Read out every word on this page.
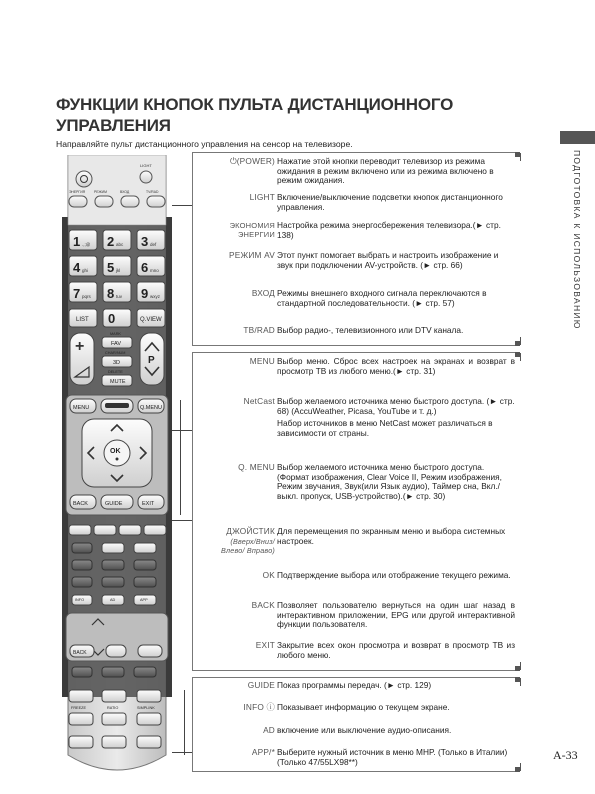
ФУНКЦИИ КНОПОК ПУЛЬТА ДИСТАНЦИОННОГО УПРАВЛЕНИЯ
Направляйте пульт дистанционного управления на сенсор на телевизоре.
LIGHT
ЭНЕРГИЯ	РЕЖИМ	ВХОД	TV/RAD
1 2 3
4 5 6
7 8 9
.,;@	abc	def
ghi	jkl	mno
pqrs	tuv	wxyz
LIST	Q.VIEW
0
+
P
MARK
CHAR/NUM
DELETE
FAV
3D
MUTE
MENU	Q.MENU
OK
BACK	GUIDE	EXIT
INFO	AD	APP
BACK
FREEZE	RATIO	SIMPLINK
⏻(POWER) Нажатие этой кнопки переводит телевизор из режима ожидания в режим включено или из режима включено в режим ожидания.
LIGHT Включение/выключение подсветки кнопок дистанционного управления.
ЭКОНОМИЯ ЭНЕРГИИ
Настройка режима энергосбережения телевизора.(► стр. 138)
РЕЖИМ AV Этот пункт помогает выбрать и настроить изображение и звук при подключении AV-устройств. (► стр. 66)
ВХОД Режимы внешнего входного сигнала переключаются в стандартной последовательности. (► стр. 57)
TB/RAD Выбор радио-, телевизионного или DTV канала.
MENU Выбор меню. Сброс всех настроек на экранах и возврат в просмотр ТВ из любого меню.(► стр. 31)
NetCast Выбор желаемого источника меню быстрого доступа. (► стр. 68) (AccuWeather, Picasa, YouTube и т. д.)
Набор источников в меню NetCast может различаться в зависимости от страны.
Q. MENU Выбор желаемого источника меню быстрого доступа. (Формат изображения, Clear Voice II, Режим изображения, Режим звучания, Звук(или Язык аудио), Таймер сна, Вкл./выкл. пропуск, USB-устройство).(► стр. 30)
ДЖОЙСТИК
(Вверх/Вниз/ Влево/ Вправо)
Для перемещения по экранным меню и выбора системных настроек.
OK Подтверждение выбора или отображение текущего режима.
BACK Позволяет пользователю вернуться на один шаг назад в интерактивном приложении, EPG или другой интерактивной функции пользователя.
EXIT Закрытие всех окон просмотра и возврат в просмотр ТВ из любого меню.
GUIDE Показ программы передач. (► стр. 129)
INFO ⓘ Показывает информацию о текущем экране.
AD включение или выключение аудио-описания.
APP/* Выберите нужный источник в меню MHP. (Только в Италии) (Только 47/55LX98**)
ПОДГОТОВКА К ИСПОЛЬЗОВАНИЮ
A-33
